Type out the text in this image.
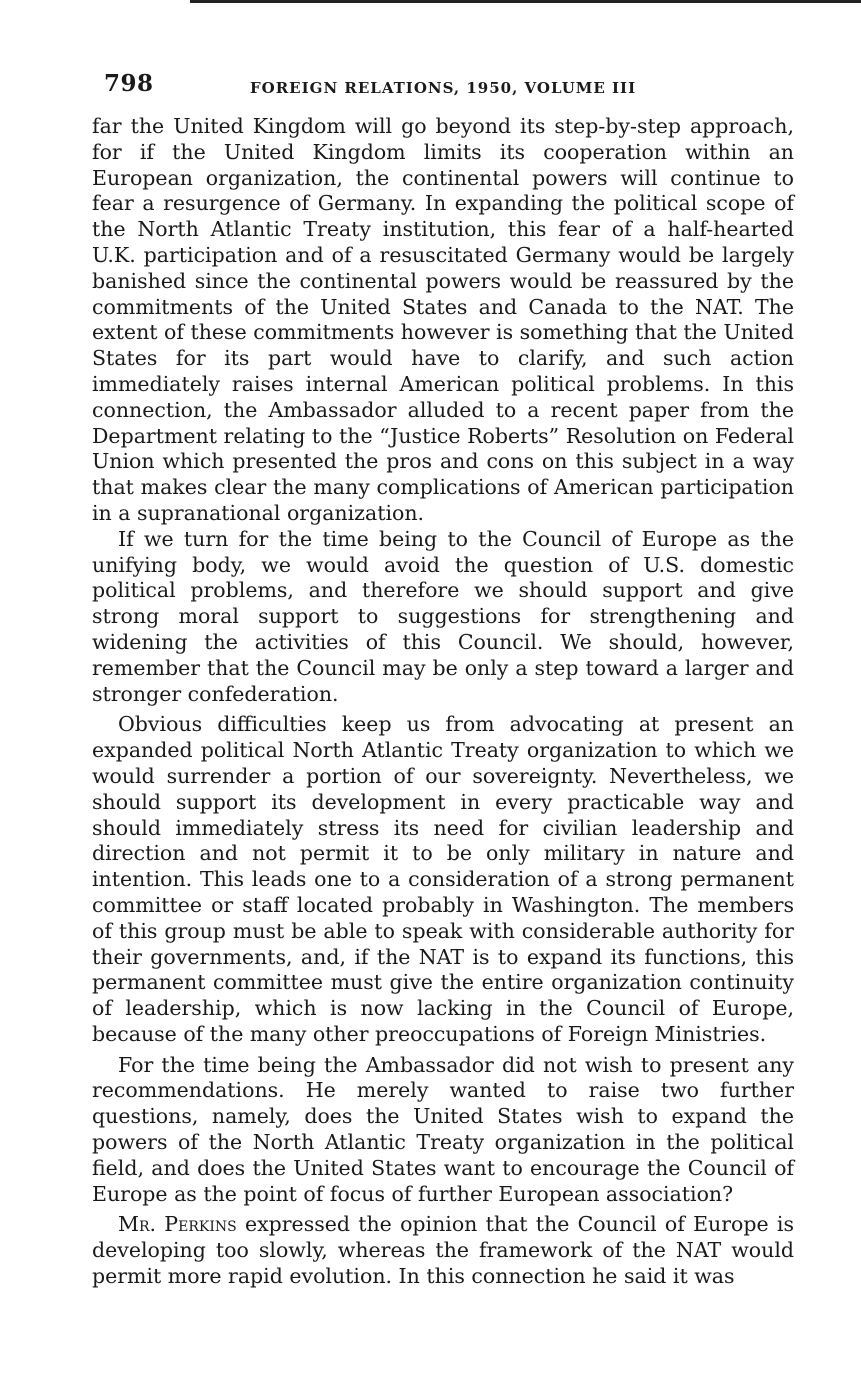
798	FOREIGN RELATIONS, 1950, VOLUME III

far the United Kingdom will go beyond its step-by-step approach, for if the United Kingdom limits its cooperation within an European organization, the continental powers will continue to fear a resurgence of Germany. In expanding the political scope of the North Atlantic Treaty institution, this fear of a half-hearted U.K. participation and of a resuscitated Germany would be largely banished since the continental powers would be reassured by the commitments of the United States and Canada to the NAT. The extent of these commitments however is something that the United States for its part would have to clarify, and such action immediately raises internal American political problems. In this connection, the Ambassador alluded to a recent paper from the Department relating to the “Justice Roberts” Resolution on Federal Union which presented the pros and cons on this subject in a way that makes clear the many complications of American participation in a supranational organization.

If we turn for the time being to the Council of Europe as the unifying body, we would avoid the question of U.S. domestic political problems, and therefore we should support and give strong moral support to suggestions for strengthening and widening the activities of this Council. We should, however, remember that the Council may be only a step toward a larger and stronger confederation.

Obvious difficulties keep us from advocating at present an expanded political North Atlantic Treaty organization to which we would surrender a portion of our sovereignty. Nevertheless, we should support its development in every practicable way and should immediately stress its need for civilian leadership and direction and not permit it to be only military in nature and intention. This leads one to a consideration of a strong permanent committee or staff located probably in Washington. The members of this group must be able to speak with considerable authority for their governments, and, if the NAT is to expand its functions, this permanent committee must give the entire organization continuity of leadership, which is now lacking in the Council of Europe, because of the many other preoccupations of Foreign Ministries.

For the time being the Ambassador did not wish to present any recommendations. He merely wanted to raise two further questions, namely, does the United States wish to expand the powers of the North Atlantic Treaty organization in the political field, and does the United States want to encourage the Council of Europe as the point of focus of further European association?

Mr. Perkins expressed the opinion that the Council of Europe is developing too slowly, whereas the framework of the NAT would permit more rapid evolution. In this connection he said it was
